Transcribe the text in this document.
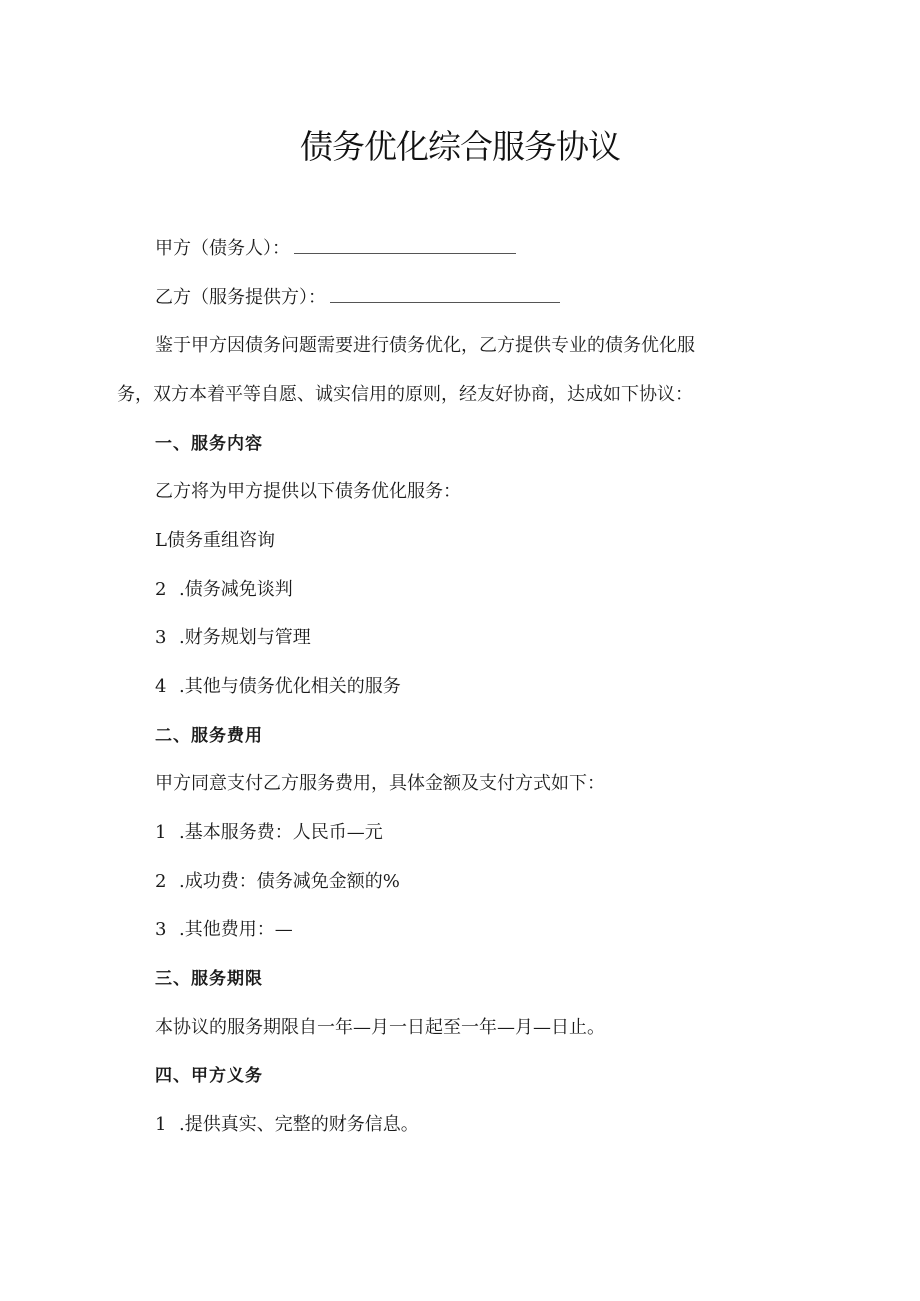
债务优化综合服务协议

甲方（债务人）：

乙方（服务提供方）：

鉴于甲方因债务问题需要进行债务优化，乙方提供专业的债务优化服

务，双方本着平等自愿、诚实信用的原则，经友好协商，达成如下协议：

一、服务内容

乙方将为甲方提供以下债务优化服务：

L债务重组咨询

2 .债务减免谈判

3 .财务规划与管理

4 .其他与债务优化相关的服务

二、服务费用

甲方同意支付乙方服务费用，具体金额及支付方式如下：

1 .基本服务费：人民币—元

2 .成功费：债务减免金额的%

3 .其他费用：—

三、服务期限

本协议的服务期限自一年—月一日起至一年—月—日止。

四、甲方义务

1 .提供真实、完整的财务信息。
